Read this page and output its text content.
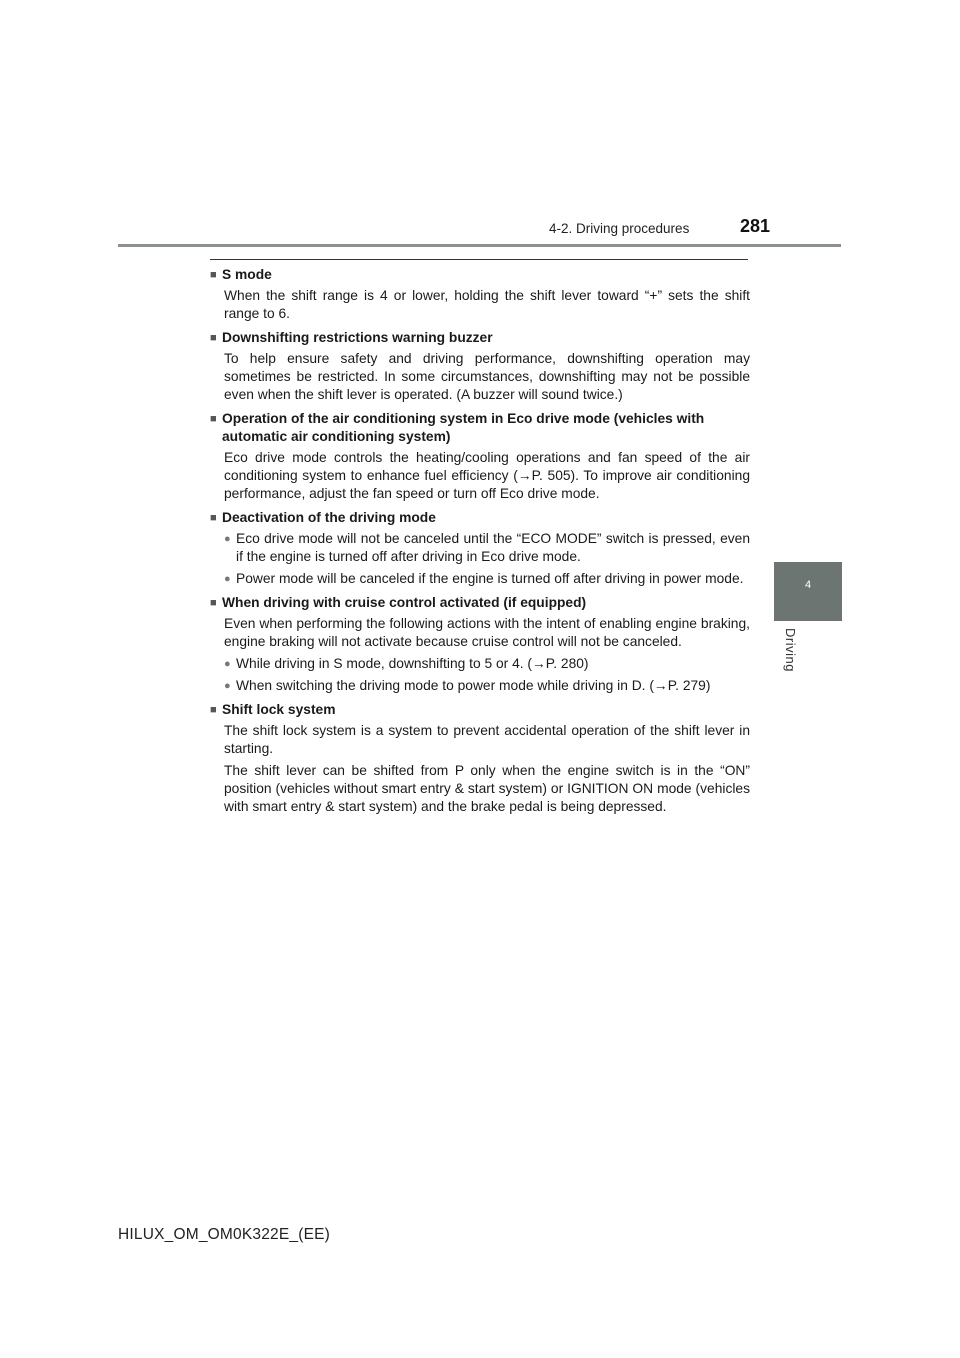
4-2. Driving procedures	281
4
Driving
■ S mode
When the shift range is 4 or lower, holding the shift lever toward “+” sets the shift range to 6.
■ Downshifting restrictions warning buzzer
To help ensure safety and driving performance, downshifting operation may sometimes be restricted. In some circumstances, downshifting may not be possible even when the shift lever is operated. (A buzzer will sound twice.)
■ Operation of the air conditioning system in Eco drive mode (vehicles with automatic air conditioning system)
Eco drive mode controls the heating/cooling operations and fan speed of the air conditioning system to enhance fuel efficiency (→P. 505). To improve air conditioning performance, adjust the fan speed or turn off Eco drive mode.
■ Deactivation of the driving mode
● Eco drive mode will not be canceled until the “ECO MODE” switch is pressed, even if the engine is turned off after driving in Eco drive mode.
● Power mode will be canceled if the engine is turned off after driving in power mode.
■ When driving with cruise control activated (if equipped)
Even when performing the following actions with the intent of enabling engine braking, engine braking will not activate because cruise control will not be canceled.
● While driving in S mode, downshifting to 5 or 4. (→P. 280)
● When switching the driving mode to power mode while driving in D. (→P. 279)
■ Shift lock system
The shift lock system is a system to prevent accidental operation of the shift lever in starting.
The shift lever can be shifted from P only when the engine switch is in the “ON” position (vehicles without smart entry & start system) or IGNITION ON mode (vehicles with smart entry & start system) and the brake pedal is being depressed.
HILUX_OM_OM0K322E_(EE)
